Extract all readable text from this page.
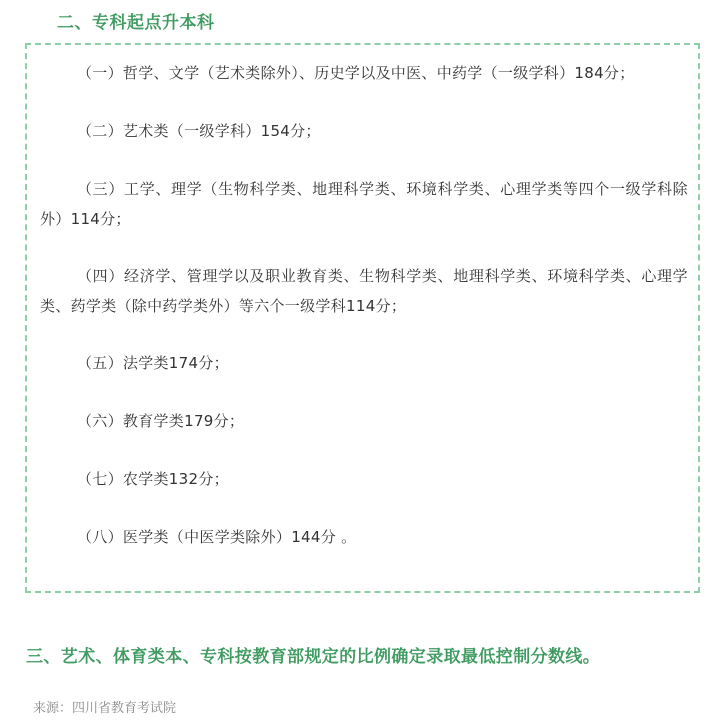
二、专科起点升本科

（一）哲学、文学（艺术类除外）、历史学以及中医、中药学（一级学科）184分；

（二）艺术类（一级学科）154分；

（三）工学、理学（生物科学类、地理科学类、环境科学类、心理学类等四个一级学科除外）114分；

（四）经济学、管理学以及职业教育类、生物科学类、地理科学类、环境科学类、心理学类、药学类（除中药学类外）等六个一级学科114分；

（五）法学类174分；

（六）教育学类179分；

（七）农学类132分；

（八）医学类（中医学类除外）144分 。

三、艺术、体育类本、专科按教育部规定的比例确定录取最低控制分数线。
来源：四川省教育考试院
